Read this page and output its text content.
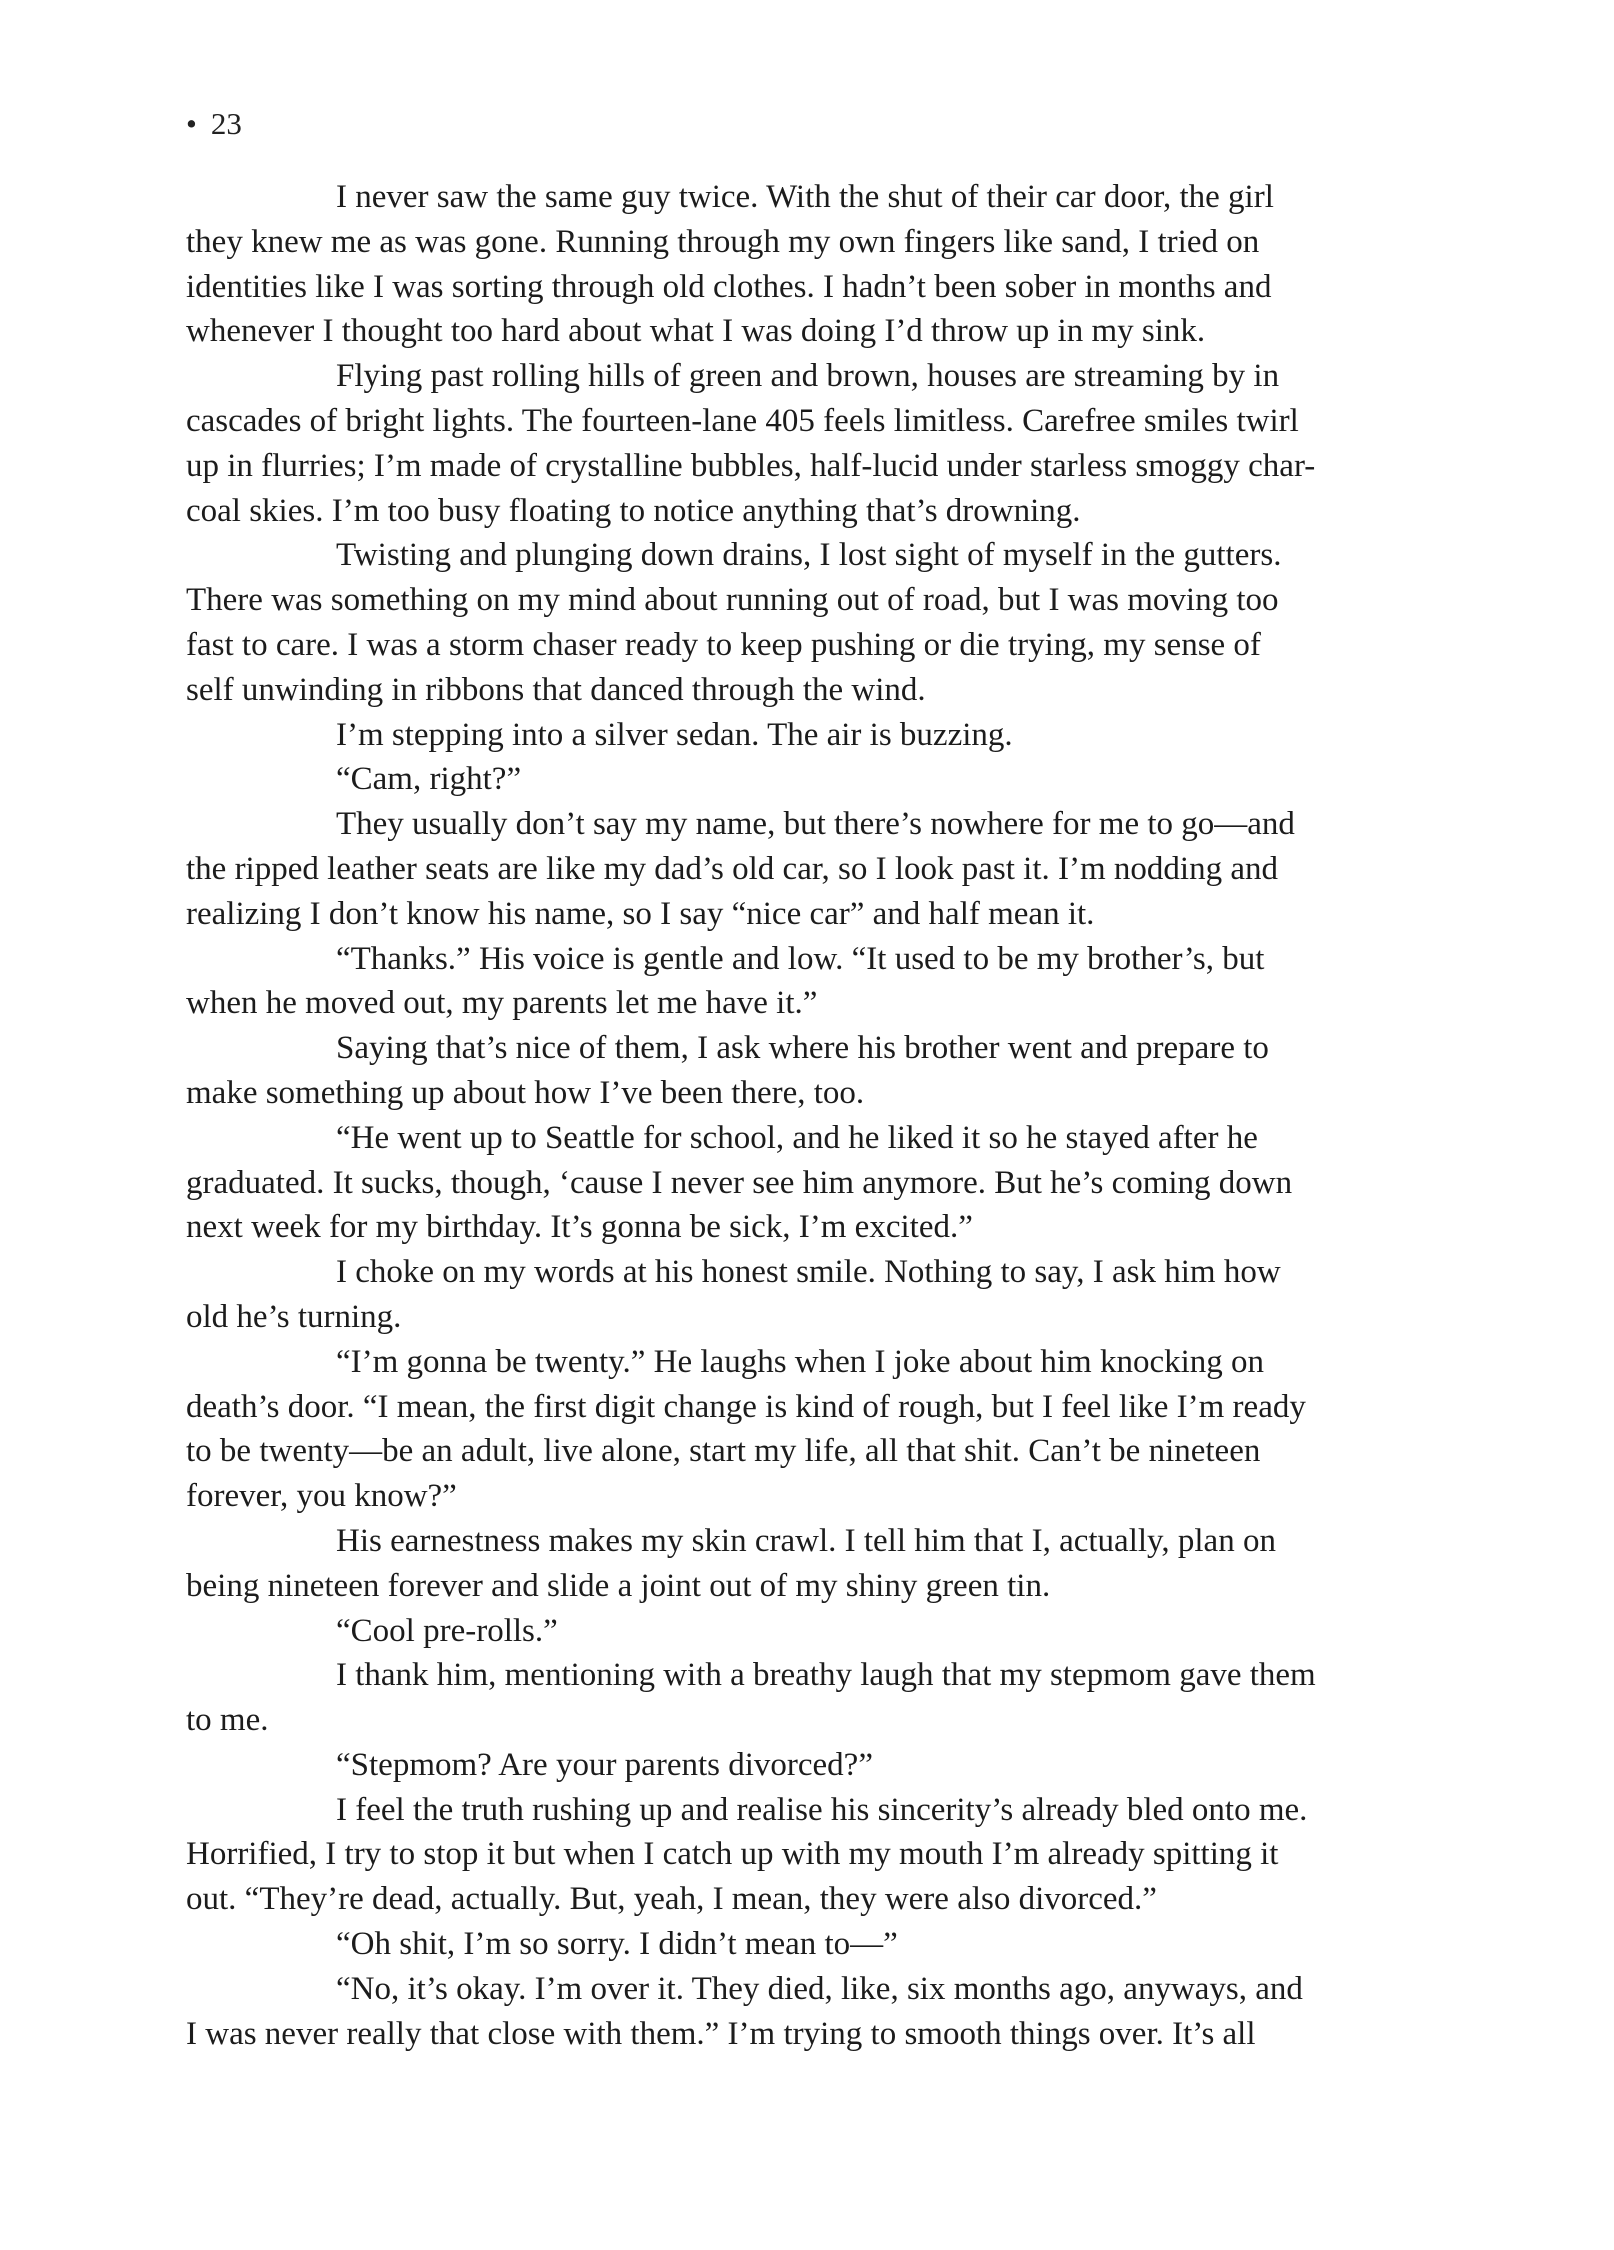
• 23
I never saw the same guy twice. With the shut of their car door, the girl
they knew me as was gone. Running through my own fingers like sand, I tried on
identities like I was sorting through old clothes. I hadn’t been sober in months and
whenever I thought too hard about what I was doing I’d throw up in my sink.
Flying past rolling hills of green and brown, houses are streaming by in
cascades of bright lights. The fourteen-lane 405 feels limitless. Carefree smiles twirl
up in flurries; I’m made of crystalline bubbles, half-lucid under starless smoggy char-
coal skies. I’m too busy floating to notice anything that’s drowning.
Twisting and plunging down drains, I lost sight of myself in the gutters.
There was something on my mind about running out of road, but I was moving too
fast to care. I was a storm chaser ready to keep pushing or die trying, my sense of
self unwinding in ribbons that danced through the wind.
I’m stepping into a silver sedan. The air is buzzing.
“Cam, right?”
They usually don’t say my name, but there’s nowhere for me to go—and
the ripped leather seats are like my dad’s old car, so I look past it. I’m nodding and
realizing I don’t know his name, so I say “nice car” and half mean it.
“Thanks.” His voice is gentle and low. “It used to be my brother’s, but
when he moved out, my parents let me have it.”
Saying that’s nice of them, I ask where his brother went and prepare to
make something up about how I’ve been there, too.
“He went up to Seattle for school, and he liked it so he stayed after he
graduated. It sucks, though, ‘cause I never see him anymore. But he’s coming down
next week for my birthday. It’s gonna be sick, I’m excited.”
I choke on my words at his honest smile. Nothing to say, I ask him how
old he’s turning.
“I’m gonna be twenty.” He laughs when I joke about him knocking on
death’s door. “I mean, the first digit change is kind of rough, but I feel like I’m ready
to be twenty—be an adult, live alone, start my life, all that shit. Can’t be nineteen
forever, you know?”
His earnestness makes my skin crawl. I tell him that I, actually, plan on
being nineteen forever and slide a joint out of my shiny green tin.
“Cool pre-rolls.”
I thank him, mentioning with a breathy laugh that my stepmom gave them
to me.
“Stepmom? Are your parents divorced?”
I feel the truth rushing up and realise his sincerity’s already bled onto me.
Horrified, I try to stop it but when I catch up with my mouth I’m already spitting it
out. “They’re dead, actually. But, yeah, I mean, they were also divorced.”
“Oh shit, I’m so sorry. I didn’t mean to—”
“No, it’s okay. I’m over it. They died, like, six months ago, anyways, and
I was never really that close with them.” I’m trying to smooth things over. It’s all
